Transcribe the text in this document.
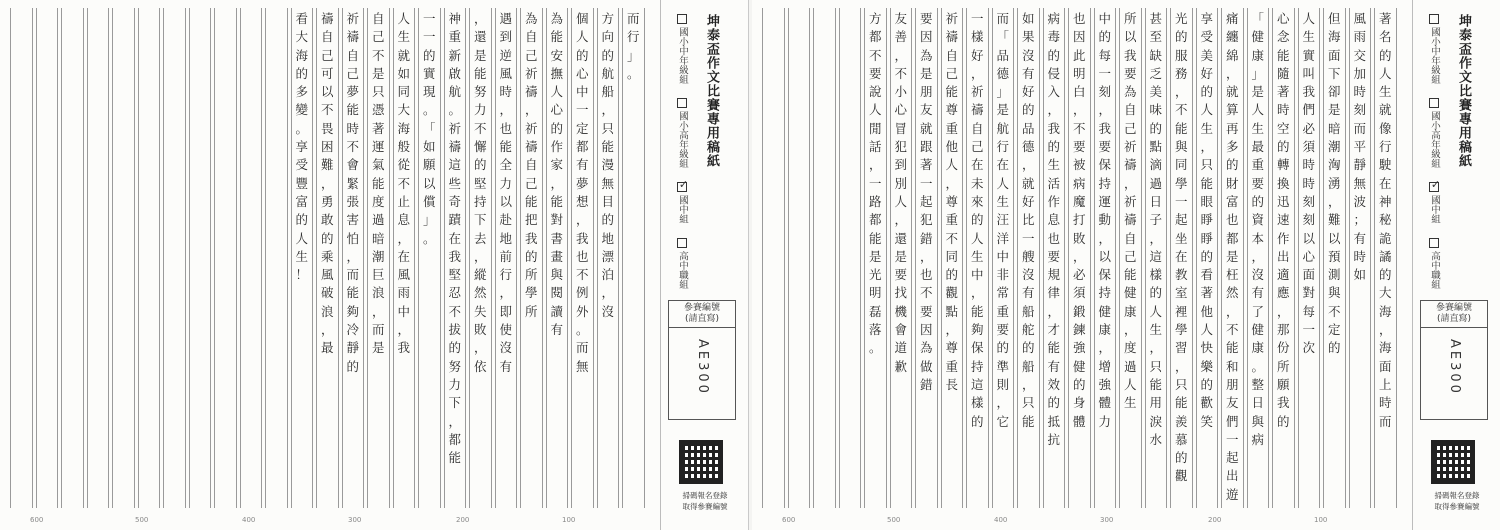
看
大
海
的
多
變
。
享
受
豐
富
的
人
生
！
禱
自
己
可
以
不
畏
困
難
，
勇
敢
的
乘
風
破
浪
，
最
祈
禱
自
己
夢
能
時
不
會
緊
張
害
怕
，
而
能
夠
冷
靜
的
自
己
不
是
只
憑
著
運
氣
能
度
過
暗
潮
巨
浪
，
而
是
人
生
就
如
同
大
海
般
從
不
止
息
，
在
風
雨
中
，
我
一
一
的
實
現
。
「
如
願
以
償
」
。
神
重
新
啟
航
。
祈
禱
這
些
奇
蹟
在
我
堅
忍
不
拔
的
努
力
下
，
都
能
，
還
是
能
努
力
不
懈
的
堅
持
下
去
，
縱
然
失
敗
，
依
遇
到
逆
風
時
，
也
能
全
力
以
赴
地
前
行
，
即
使
沒
有
為
自
己
祈
禱
，
祈
禱
自
己
能
把
我
的
所
學
所
為
能
安
撫
人
心
的
作
家
，
能
對
書
畫
與
閱
讀
有
個
人
的
心
中
一
定
都
有
夢
想
，
我
也
不
例
外
。
而
無
方
向
的
航
船
，
只
能
漫
無
目
的
地
漂
泊
，
沒
而
行
」
。
600	500	400	300	200	100
國小中年級組
國小高年級組
✓國中組
高中職組
坤泰盃作文比賽專用稿紙
參賽編號
(請直寫)
AE300
掃碼報名登錄
取得參賽編號
方
都
不
要
說
人
閒
話
，
一
路
都
能
是
光
明
磊
落
。
友
善
，
不
小
心
冒
犯
到
別
人
，
還
是
要
找
機
會
道
歉
要
因
為
是
朋
友
就
跟
著
一
起
犯
錯
，
也
不
要
因
為
做
錯
祈
禱
自
己
能
尊
重
他
人
，
尊
重
不
同
的
觀
點
，
尊
重
長
一
樣
好
，
祈
禱
自
己
在
未
來
的
人
生
中
，
能
夠
保
持
這
樣
的
而
「
品
德
」
是
航
行
在
人
生
汪
洋
中
非
常
重
要
的
準
則
，
它
如
果
沒
有
好
的
品
德
，
就
好
比
一
艘
沒
有
船
舵
的
船
，
只
能
病
毒
的
侵
入
，
我
的
生
活
作
息
也
要
規
律
，
才
能
有
效
的
抵
抗
也
因
此
明
白
，
不
要
被
病
魔
打
敗
，
必
須
鍛
鍊
強
健
的
身
體
中
的
每
一
刻
，
我
要
保
持
運
動
，
以
保
持
健
康
，
增
強
體
力
所
以
我
要
為
自
己
祈
禱
，
祈
禱
自
己
能
健
康
，
度
過
人
生
甚
至
缺
乏
美
味
的
點
滴
過
日
子
，
這
樣
的
人
生
，
只
能
用
淚
水
光
的
服
務
，
不
能
與
同
學
一
起
坐
在
教
室
裡
學
習
，
只
能
羨
慕
的
觀
享
受
美
好
的
人
生
，
只
能
眼
睜
睜
的
看
著
他
人
快
樂
的
歡
笑
痛
纏
綿
，
就
算
再
多
的
財
富
也
都
是
枉
然
，
不
能
和
朋
友
們
一
起
出
遊
「
健
康
」
是
人
生
最
重
要
的
資
本
，
沒
有
了
健
康
。
整
日
與
病
心
念
能
隨
著
時
空
的
轉
換
迅
速
作
出
適
應
，
那
份
所
願
我
的
人
生
實
叫
我
們
必
須
時
時
刻
刻
以
心
面
對
每
一
次
但
海
面
下
卻
是
暗
潮
洶
湧
，
難
以
預
測
與
不
定
的
風
雨
交
加
時
刻
而
平
靜
無
波
；
有
時
如
著
名
的
人
生
就
像
行
駛
在
神
秘
詭
譎
的
大
海
，
海
面
上
時
而
600	500	400	300	200	100
國小中年級組
國小高年級組
✓國中組
高中職組
坤泰盃作文比賽專用稿紙
參賽編號
(請直寫)
AE300
掃碼報名登錄
取得參賽編號
